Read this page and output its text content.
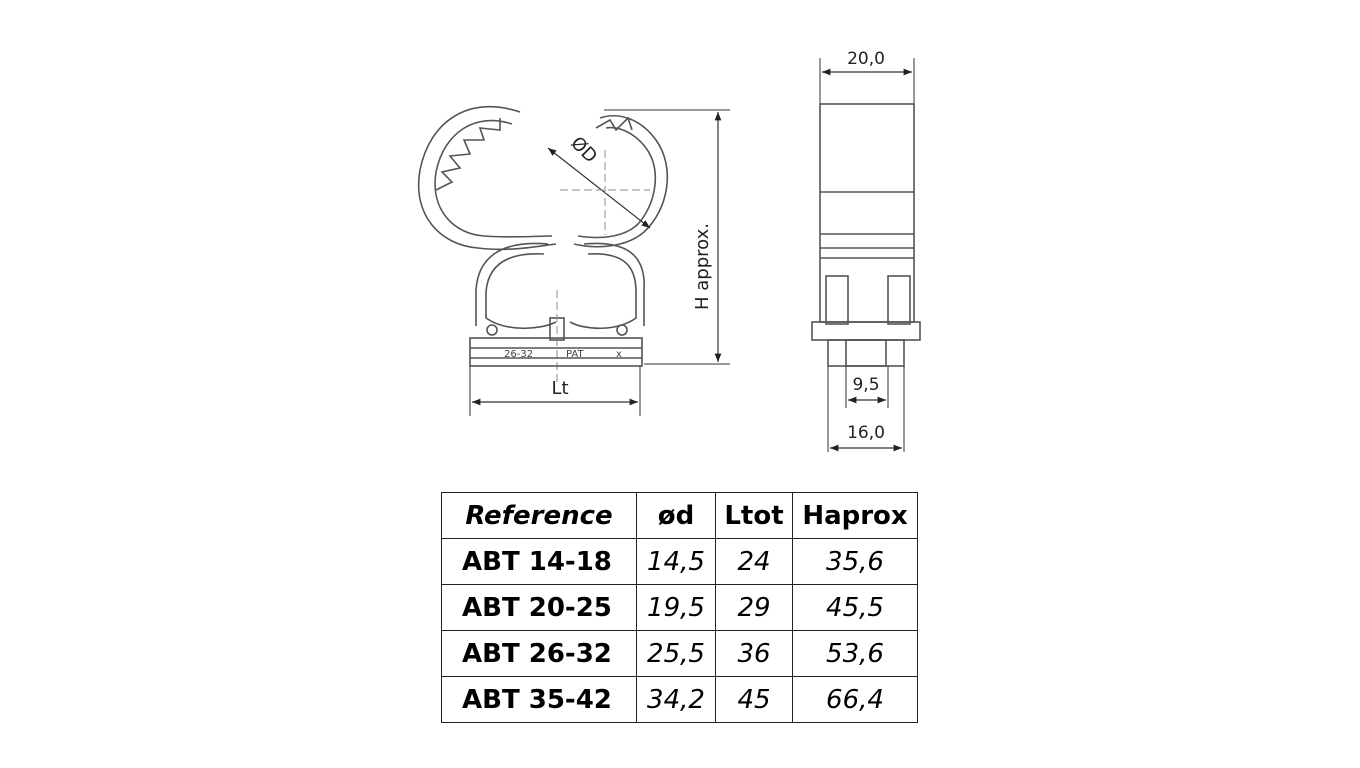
ØD
H approx.
Lt
26-32	PAT	x
20,0
9,5
16,0
Reference	ød	Ltot	Haprox
ABT 14-18	14,5	24	35,6
ABT 20-25	19,5	29	45,5
ABT 26-32	25,5	36	53,6
ABT 35-42	34,2	45	66,4
